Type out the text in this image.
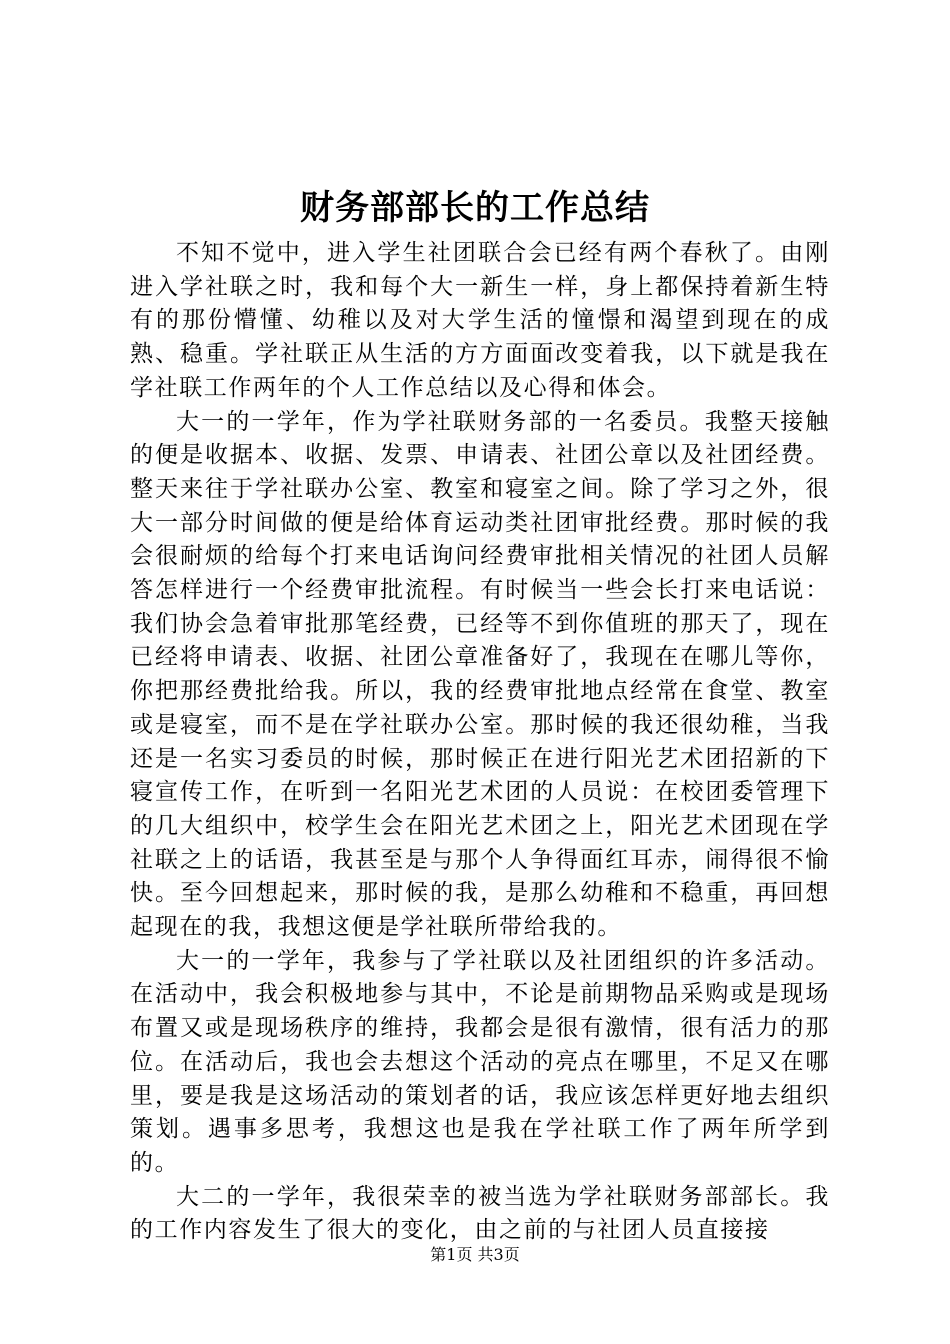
财务部部长的工作总结

不知不觉中，进入学生社团联合会已经有两个春秋了。由刚进入学社联之时，我和每个大一新生一样，身上都保持着新生特有的那份懵懂、幼稚以及对大学生活的憧憬和渴望到现在的成熟、稳重。学社联正从生活的方方面面改变着我，以下就是我在学社联工作两年的个人工作总结以及心得和体会。

大一的一学年，作为学社联财务部的一名委员。我整天接触的便是收据本、收据、发票、申请表、社团公章以及社团经费。整天来往于学社联办公室、教室和寝室之间。除了学习之外，很大一部分时间做的便是给体育运动类社团审批经费。那时候的我会很耐烦的给每个打来电话询问经费审批相关情况的社团人员解答怎样进行一个经费审批流程。有时候当一些会长打来电话说：我们协会急着审批那笔经费，已经等不到你值班的那天了，现在已经将申请表、收据、社团公章准备好了，我现在在哪儿等你，你把那经费批给我。所以，我的经费审批地点经常在食堂、教室或是寝室，而不是在学社联办公室。那时候的我还很幼稚，当我还是一名实习委员的时候，那时候正在进行阳光艺术团招新的下寝宣传工作，在听到一名阳光艺术团的人员说：在校团委管理下的几大组织中，校学生会在阳光艺术团之上，阳光艺术团现在学社联之上的话语，我甚至是与那个人争得面红耳赤，闹得很不愉快。至今回想起来，那时候的我，是那么幼稚和不稳重，再回想起现在的我，我想这便是学社联所带给我的。

大一的一学年，我参与了学社联以及社团组织的许多活动。在活动中，我会积极地参与其中，不论是前期物品采购或是现场布置又或是现场秩序的维持，我都会是很有激情，很有活力的那位。在活动后，我也会去想这个活动的亮点在哪里，不足又在哪里，要是我是这场活动的策划者的话，我应该怎样更好地去组织策划。遇事多思考，我想这也是我在学社联工作了两年所学到的。

大二的一学年，我很荣幸的被当选为学社联财务部部长。我的工作内容发生了很大的变化，由之前的与社团人员直接接

第1页 共3页
